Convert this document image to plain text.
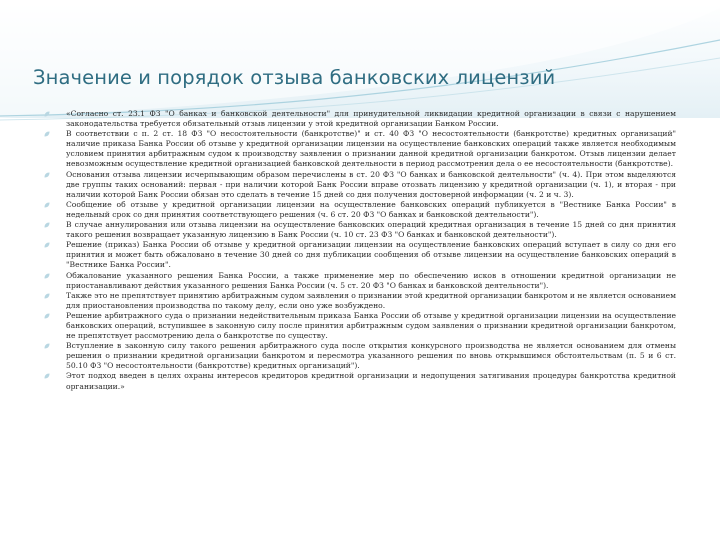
Значение и порядок отзыва банковских лицензий
«Согласно ст. 23.1 ФЗ "О банках и банковской деятельности" для принудительной ликвидации кредитной организации в связи с нарушением законодательства требуется обязательный отзыв лицензии у этой кредитной организации Банком России.
В соответствии с п. 2 ст. 18 ФЗ "О несостоятельности (банкротстве)" и ст. 40 ФЗ "О несостоятельности (банкротстве) кредитных организаций" наличие приказа Банка России об отзыве у кредитной организации лицензии на осуществление банковских операций также является необходимым условием принятия арбитражным судом к производству заявления о признании данной кредитной организации банкротом. Отзыв лицензии делает невозможным осуществление кредитной организацией банковской деятельности в период рассмотрения дела о ее несостоятельности (банкротстве).
Основания отзыва лицензии исчерпывающим образом перечислены в ст. 20 ФЗ "О банках и банковской деятельности" (ч. 4). При этом выделяются две группы таких оснований: первая - при наличии которой Банк России вправе отозвать лицензию у кредитной организации (ч. 1), и вторая - при наличии которой Банк России обязан это сделать в течение 15 дней со дня получения достоверной информации (ч. 2 и ч. 3).
Сообщение об отзыве у кредитной организации лицензии на осуществление банковских операций публикуется в "Вестнике Банка России" в недельный срок со дня принятия соответствующего решения (ч. 6 ст. 20 ФЗ "О банках и банковской деятельности").
В случае аннулирования или отзыва лицензии на осуществление банковских операций кредитная организация в течение 15 дней со дня принятия такого решения возвращает указанную лицензию в Банк России (ч. 10 ст. 23 ФЗ "О банках и банковской деятельности").
Решение (приказ) Банка России об отзыве у кредитной организации лицензии на осуществление банковских операций вступает в силу со дня его принятия и может быть обжаловано в течение 30 дней со дня публикации сообщения об отзыве лицензии на осуществление банковских операций в "Вестнике Банка России".
Обжалование указанного решения Банка России, а также применение мер по обеспечению исков в отношении кредитной организации не приостанавливают действия указанного решения Банка России (ч. 5 ст. 20 ФЗ "О банках и банковской деятельности").
Также это не препятствует принятию арбитражным судом заявления о признании этой кредитной организации банкротом и не является основанием для приостановления производства по такому делу, если оно уже возбуждено.
Решение арбитражного суда о признании недействительным приказа Банка России об отзыве у кредитной организации лицензии на осуществление банковских операций, вступившее в законную силу после принятия арбитражным судом заявления о признании кредитной организации банкротом, не препятствует рассмотрению дела о банкротстве по существу.
Вступление в законную силу такого решения арбитражного суда после открытия конкурсного производства не является основанием для отмены решения о признании кредитной организации банкротом и пересмотра указанного решения по вновь открывшимся обстоятельствам (п. 5 и 6 ст. 50.10 ФЗ "О несостоятельности (банкротстве) кредитных организаций").
Этот подход введен в целях охраны интересов кредиторов кредитной организации и недопущения затягивания процедуры банкротства кредитной организации.»
